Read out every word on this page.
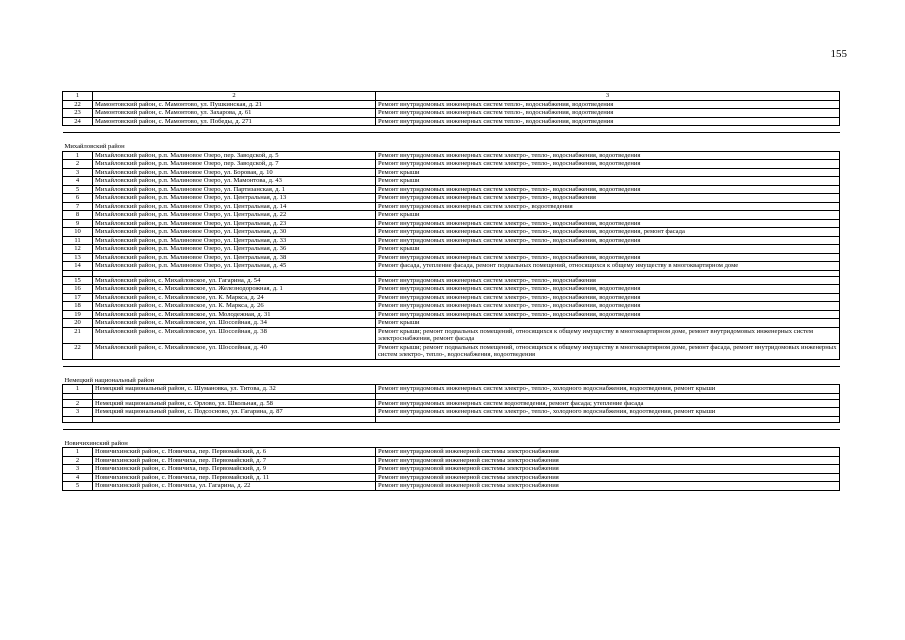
155
1	2	3
22	Мамонтовский район, с. Мамонтово, ул. Пушкинская, д. 21	Ремонт внутридомовых инженерных систем тепло-, водоснабжения, водоотведения
23	Мамонтовский район, с. Мамонтово, ул. Захарова, д. 61	Ремонт внутридомовых инженерных систем тепло-, водоснабжения, водоотведения
24	Мамонтовский район, с. Мамонтово, ул. Победы, д. 271	Ремонт внутридомовых инженерных систем тепло-, водоснабжения, водоотведения

Михайловский район		
1	Михайловский район, р.п. Малиновое Озеро, пер. Заводской, д. 5	Ремонт внутридомовых инженерных систем электро-, тепло-, водоснабжения, водоотведения
2	Михайловский район, р.п. Малиновое Озеро, пер. Заводской, д. 7	Ремонт внутридомовых инженерных систем электро-, тепло-, водоснабжения, водоотведения
3	Михайловский район, р.п. Малиновое Озеро, ул. Боровая, д. 10	Ремонт крыши
4	Михайловский район, р.п. Малиновое Озеро, ул. Мамонтова, д. 43	Ремонт крыши
5	Михайловский район, р.п. Малиновое Озеро, ул. Партизанская, д. 1	Ремонт внутридомовых инженерных систем электро-, тепло-, водоснабжения, водоотведения
6	Михайловский район, р.п. Малиновое Озеро, ул. Центральная, д. 13	Ремонт внутридомовых инженерных систем электро-, тепло-, водоснабжения
7	Михайловский район, р.п. Малиновое Озеро, ул. Центральная, д. 14	Ремонт внутридомовых инженерных систем электро-, водоотведения
8	Михайловский район, р.п. Малиновое Озеро, ул. Центральная, д. 22	Ремонт крыши
9	Михайловский район, р.п. Малиновое Озеро, ул. Центральная, д. 23	Ремонт внутридомовых инженерных систем электро-, тепло-, водоснабжения, водоотведения
10	Михайловский район, р.п. Малиновое Озеро, ул. Центральная, д. 30	Ремонт внутридомовых инженерных систем электро-, тепло-, водоснабжения, водоотведения, ремонт фасада
11	Михайловский район, р.п. Малиновое Озеро, ул. Центральная, д. 33	Ремонт внутридомовых инженерных систем электро-, тепло-, водоснабжения, водоотведения
12	Михайловский район, р.п. Малиновое Озеро, ул. Центральная, д. 36	Ремонт крыши
13	Михайловский район, р.п. Малиновое Озеро, ул. Центральная, д. 38	Ремонт внутридомовых инженерных систем электро-, тепло-, водоснабжения, водоотведения
14	Михайловский район, р.п. Малиновое Озеро, ул. Центральная, д. 45	Ремонт фасада, утепление фасада, ремонт подвальных помещений, относящихся к общему имуществу в многоквартирном доме

15	Михайловский район, с. Михайловское, ул. Гагарина, д. 54	Ремонт внутридомовых инженерных систем электро-, тепло-, водоснабжения
16	Михайловский район, с. Михайловское, ул. Железнодорожная, д. 1	Ремонт внутридомовых инженерных систем электро-, тепло-, водоснабжения, водоотведения
17	Михайловский район, с. Михайловское, ул. К. Маркса, д. 24	Ремонт внутридомовых инженерных систем электро-, тепло-, водоснабжения, водоотведения
18	Михайловский район, с. Михайловское, ул. К. Маркса, д. 26	Ремонт внутридомовых инженерных систем электро-, тепло-, водоснабжения, водоотведения
19	Михайловский район, с. Михайловское, ул. Молодежная, д. 31	Ремонт внутридомовых инженерных систем электро-, тепло-, водоснабжения, водоотведения
20	Михайловский район, с. Михайловское, ул. Шоссейная, д. 34	Ремонт крыши
21	Михайловский район, с. Михайловское, ул. Шоссейная, д. 38	Ремонт крыши; ремонт подвальных помещений, относящихся к общему имуществу в многоквартирном доме, ремонт внутридомовых инженерных систем электроснабжения, ремонт фасада
22	Михайловский район, с. Михайловское, ул. Шоссейная, д. 40	Ремонт крыши; ремонт подвальных помещений, относящихся к общему имуществу в многоквартирном доме, ремонт фасада, ремонт внутридомовых инженерных систем электро-, тепло-, водоснабжения, водоотведения

Немецкий национальный район		
1	Немецкий национальный район, с. Шумановка, ул. Титова, д. 32	Ремонт внутридомовых инженерных систем электро-, тепло-, холодного водоснабжения, водоотведения, ремонт крыши

2	Немецкий национальный район, с. Орлово, ул. Школьная, д. 58	Ремонт внутридомовых инженерных систем водоотведения, ремонт фасада; утепление фасада
3	Немецкий национальный район, с. Подсосново, ул. Гагарина, д. 87	Ремонт внутридомовых инженерных систем электро-, тепло-, холодного водоснабжения, водоотведения, ремонт крыши

Новичихинский район		
1	Новичихинский район, с. Новичиха, пер. Первомайский, д. 6	Ремонт внутридомовой инженерной системы электроснабжения
2	Новичихинский район, с. Новичиха, пер. Первомайский, д. 7	Ремонт внутридомовой инженерной системы электроснабжения
3	Новичихинский район, с. Новичиха, пер. Первомайский, д. 9	Ремонт внутридомовой инженерной системы электроснабжения
4	Новичихинский район, с. Новичиха, пер. Первомайский, д. 11	Ремонт внутридомовой инженерной системы электроснабжения
5	Новичихинский район, с. Новичиха, ул. Гагарина, д. 22	Ремонт внутридомовой инженерной системы электроснабжения
